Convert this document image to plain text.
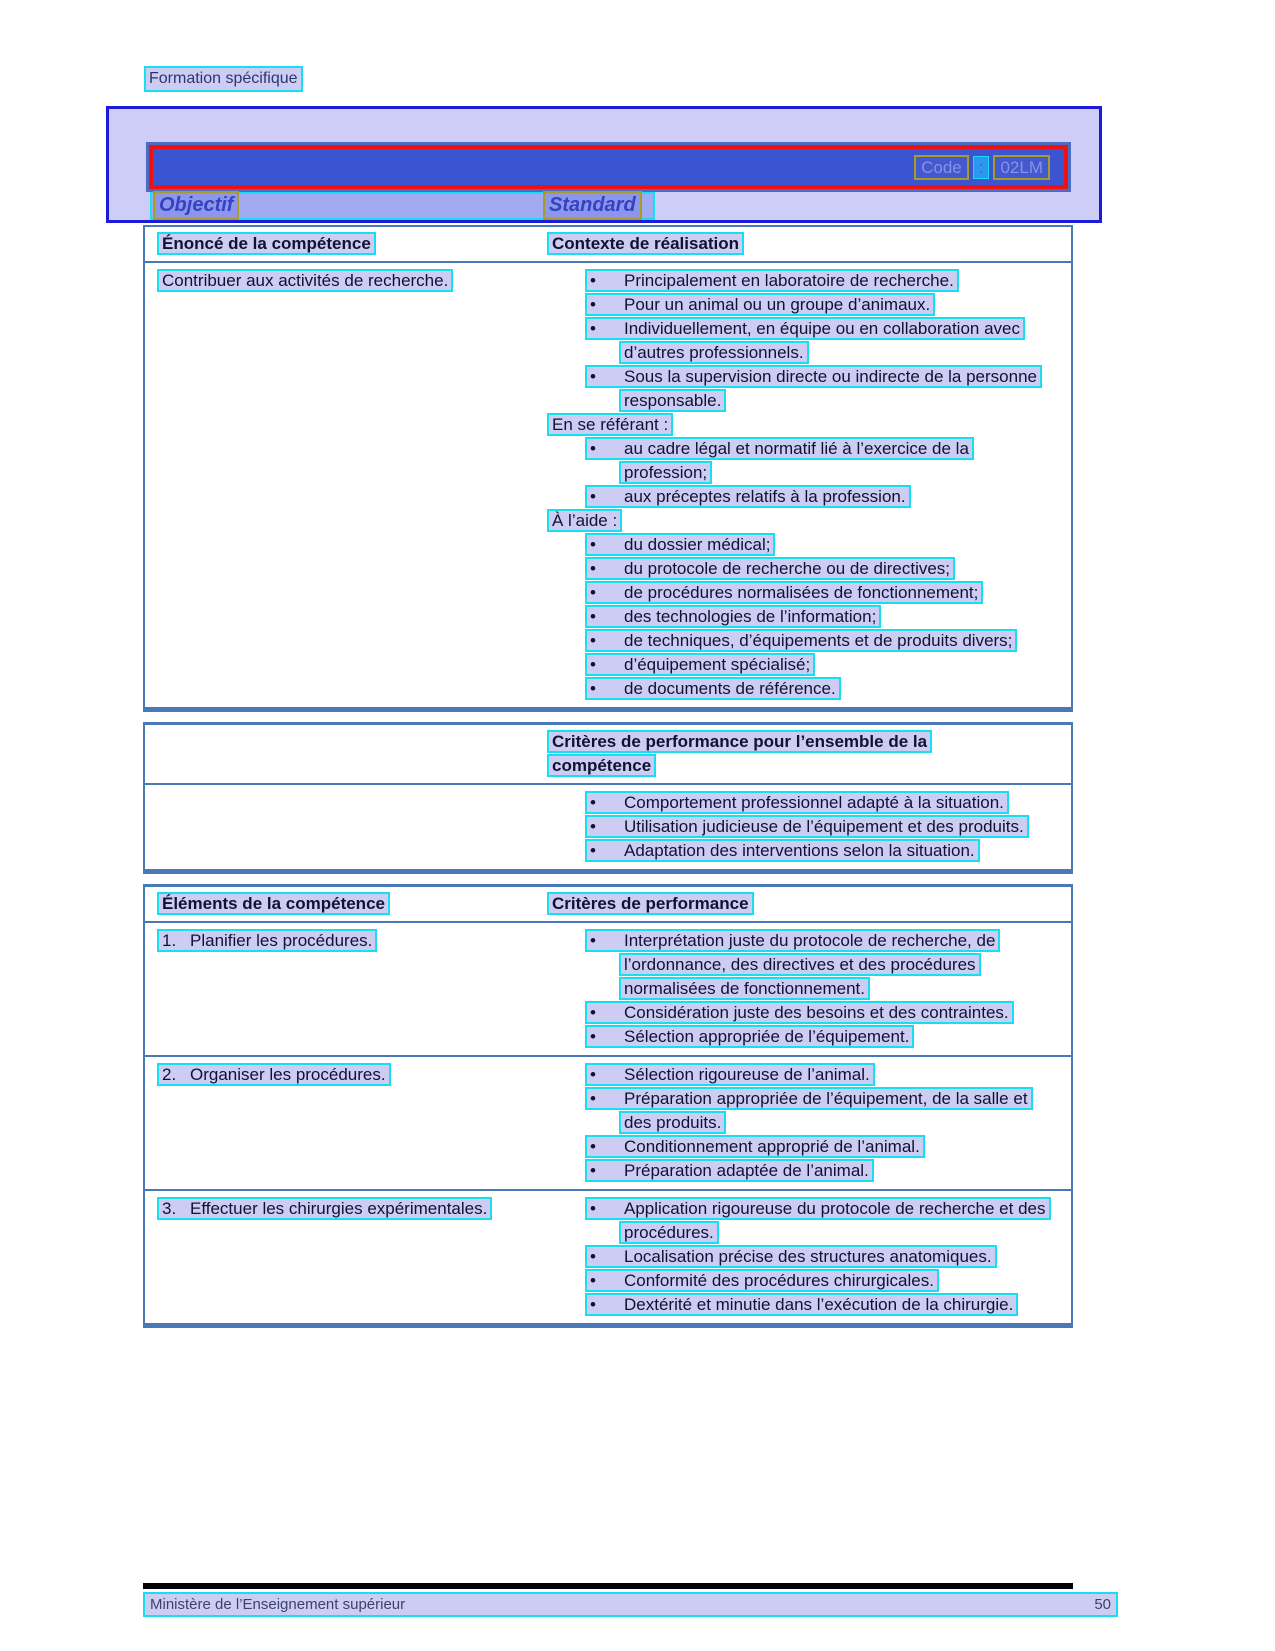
Formation spécifique
Code	:	02LM
Objectif	Standard
Énoncé de la compétence	Contexte de réalisation
Contribuer aux activités de recherche.	• Principalement en laboratoire de recherche.
• Pour un animal ou un groupe d’animaux.
• Individuellement, en équipe ou en collaboration avec d’autres professionnels.
• Sous la supervision directe ou indirecte de la personne responsable.
En se référant :
• au cadre légal et normatif lié à l’exercice de la profession;
• aux préceptes relatifs à la profession.
À l’aide :
• du dossier médical;
• du protocole de recherche ou de directives;
• de procédures normalisées de fonctionnement;
• des technologies de l’information;
• de techniques, d’équipements et de produits divers;
• d’équipement spécialisé;
• de documents de référence.
Critères de performance pour l’ensemble de la compétence
• Comportement professionnel adapté à la situation.
• Utilisation judicieuse de l’équipement et des produits.
• Adaptation des interventions selon la situation.
Éléments de la compétence	Critères de performance
1. Planifier les procédures.	• Interprétation juste du protocole de recherche, de l’ordonnance, des directives et des procédures normalisées de fonctionnement.
• Considération juste des besoins et des contraintes.
• Sélection appropriée de l’équipement.
2. Organiser les procédures.	• Sélection rigoureuse de l’animal.
• Préparation appropriée de l’équipement, de la salle et des produits.
• Conditionnement approprié de l’animal.
• Préparation adaptée de l’animal.
3. Effectuer les chirurgies expérimentales.	• Application rigoureuse du protocole de recherche et des procédures.
• Localisation précise des structures anatomiques.
• Conformité des procédures chirurgicales.
• Dextérité et minutie dans l’exécution de la chirurgie.
Ministère de l’Enseignement supérieur	50
